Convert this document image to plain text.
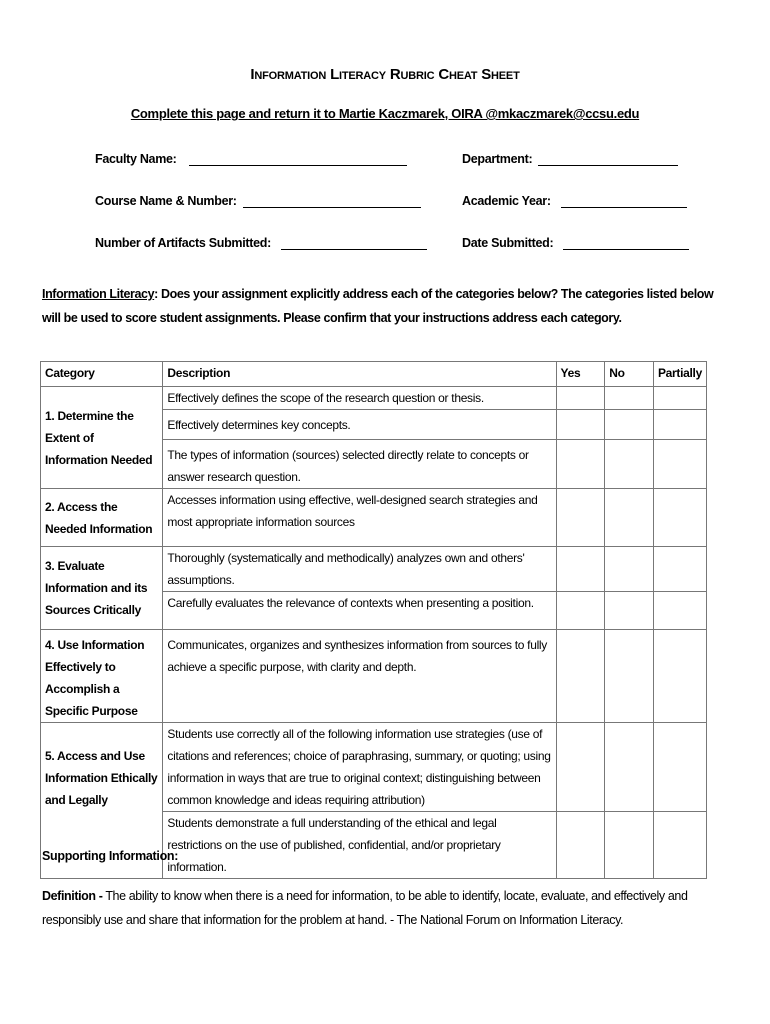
Information Literacy Rubric Cheat Sheet
Complete this page and return it to Martie Kaczmarek, OIRA @mkaczmarek@ccsu.edu
Faculty Name:	Department:
Course Name & Number:	Academic Year:
Number of Artifacts Submitted:	Date Submitted:
Information Literacy: Does your assignment explicitly address each of the categories below? The categories listed below will be used to score student assignments. Please confirm that your instructions address each category.
Category	Description	Yes	No	Partially
1. Determine the Extent of Information Needed	Effectively defines the scope of the research question or thesis.			
	Effectively determines key concepts.			
	The types of information (sources) selected directly relate to concepts or answer research question.			
2. Access the Needed Information	Accesses information using effective, well-designed search strategies and most appropriate information sources			
3. Evaluate Information and its Sources Critically	Thoroughly (systematically and methodically) analyzes own and others' assumptions.			
	Carefully evaluates the relevance of contexts when presenting a position.			
4. Use Information Effectively to Accomplish a Specific Purpose	Communicates, organizes and synthesizes information from sources to fully achieve a specific purpose, with clarity and depth.			
5. Access and Use Information Ethically and Legally	Students use correctly all of the following information use strategies (use of citations and references; choice of paraphrasing, summary, or quoting; using information in ways that are true to original context; distinguishing between common knowledge and ideas requiring attribution)			
	Students demonstrate a full understanding of the ethical and legal restrictions on the use of published, confidential, and/or proprietary information.			
Supporting Information:
Definition - The ability to know when there is a need for information, to be able to identify, locate, evaluate, and effectively and responsibly use and share that information for the problem at hand. - The National Forum on Information Literacy.
